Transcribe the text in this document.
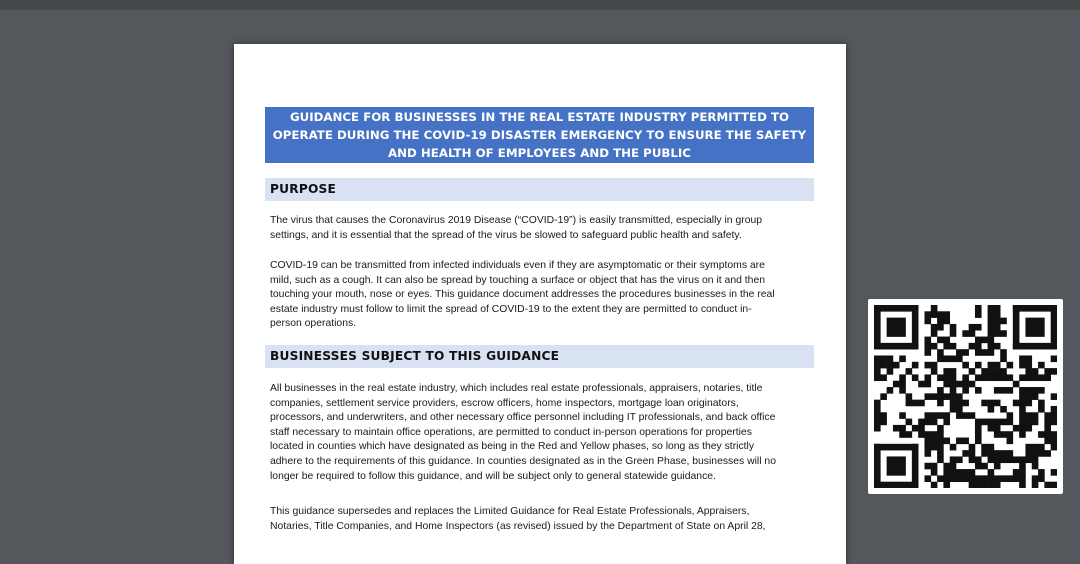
GUIDANCE FOR BUSINESSES IN THE REAL ESTATE INDUSTRY PERMITTED TO
OPERATE DURING THE COVID-19 DISASTER EMERGENCY TO ENSURE THE SAFETY
AND HEALTH OF EMPLOYEES AND THE PUBLIC
PURPOSE
The virus that causes the Coronavirus 2019 Disease (“COVID-19”) is easily transmitted, especially in group
settings, and it is essential that the spread of the virus be slowed to safeguard public health and safety.
COVID-19 can be transmitted from infected individuals even if they are asymptomatic or their symptoms are
mild, such as a cough. It can also be spread by touching a surface or object that has the virus on it and then
touching your mouth, nose or eyes. This guidance document addresses the procedures businesses in the real
estate industry must follow to limit the spread of COVID-19 to the extent they are permitted to conduct in-
person operations.
BUSINESSES SUBJECT TO THIS GUIDANCE
All businesses in the real estate industry, which includes real estate professionals, appraisers, notaries, title
companies, settlement service providers, escrow officers, home inspectors, mortgage loan originators,
processors, and underwriters, and other necessary office personnel including IT professionals, and back office
staff necessary to maintain office operations, are permitted to conduct in-person operations for properties
located in counties which have designated as being in the Red and Yellow phases, so long as they strictly
adhere to the requirements of this guidance. In counties designated as in the Green Phase, businesses will no
longer be required to follow this guidance, and will be subject only to general statewide guidance.
This guidance supersedes and replaces the Limited Guidance for Real Estate Professionals, Appraisers,
Notaries, Title Companies, and Home Inspectors (as revised) issued by the Department of State on April 28,
